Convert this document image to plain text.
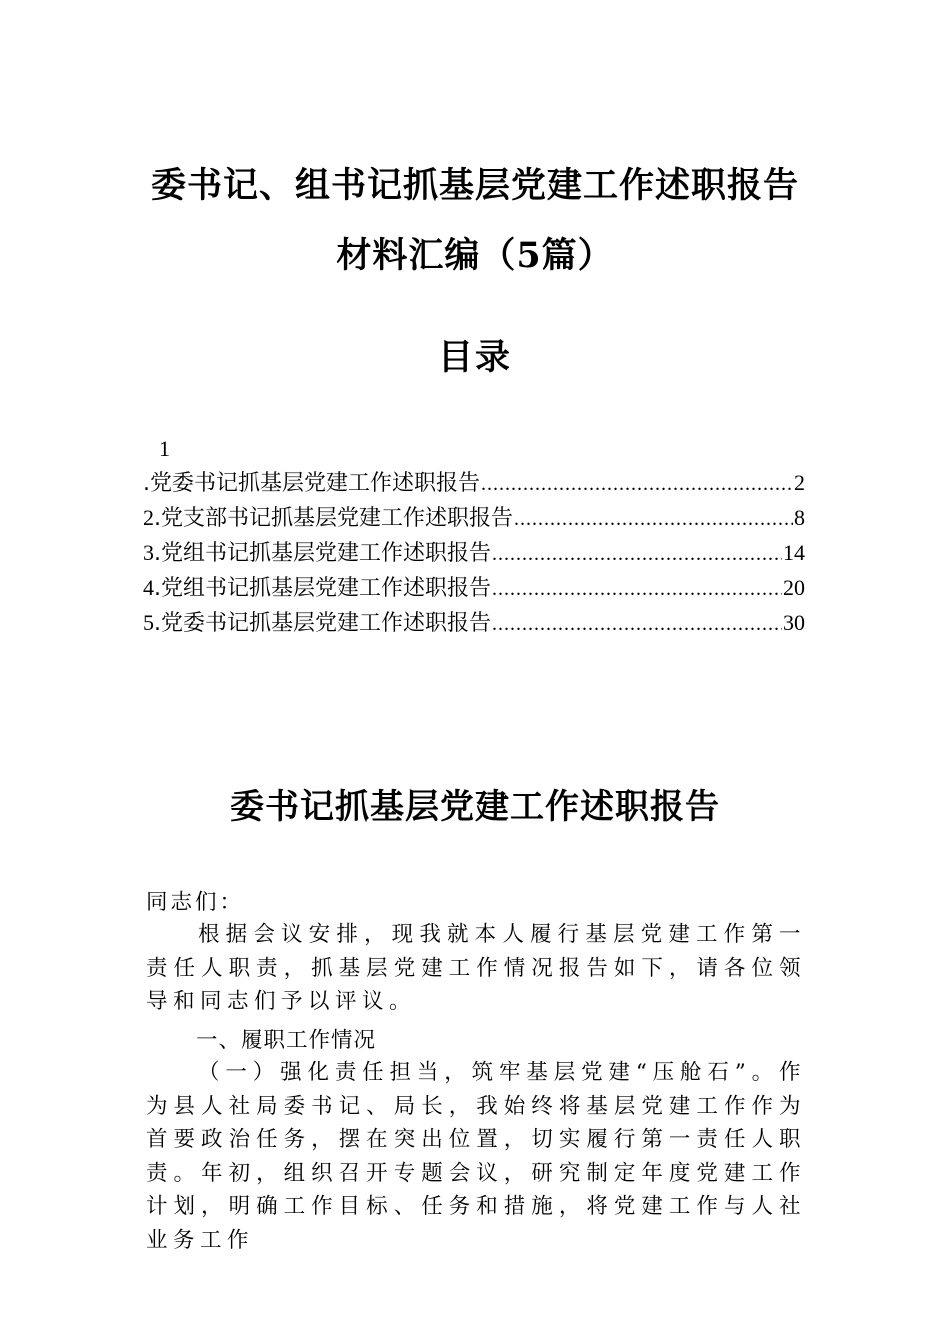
委书记、组书记抓基层党建工作述职报告
材料汇编（5篇）
目录
1
.党委书记抓基层党建工作述职报告 .....	2
2 .党支部书记抓基层党建工作述职报告 .....	8
3 .党组书记抓基层党建工作述职报告 .....	14
4 .党组书记抓基层党建工作述职报告 .....	20
5 .党委书记抓基层党建工作述职报告 .....	30
委书记抓基层党建工作述职报告
同志们：
根据会议安排，现我就本人履行基层党建工作第一责任人职责，抓基层党建工作情况报告如下，请各位领导和同志们予以评议。
一、履职工作情况
（一）强化责任担当，筑牢基层党建“压舱石”。作为县人社局委书记、局长，我始终将基层党建工作作为首要政治任务，摆在突出位置，切实履行第一责任人职责。年初，组织召开专题会议，研究制定年度党建工作计划，明确工作目标、任务和措施，将党建工作与人社业务工作
